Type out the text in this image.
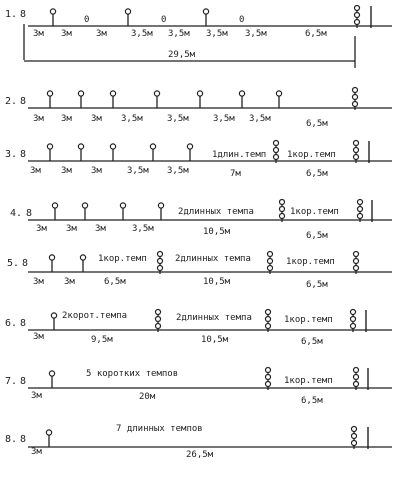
1. 8	0	0	0
3м 3м	3м	3,5м 3,5м 3,5м 3,5м	6,5м
29,5м
2. 8
3м 3м 3м 3,5м	3,5м	3,5м 3,5м	6,5м
3. 8	1длин.темп 1кор.темп
3м 3м 3м	3,5м 3,5м	7м	6,5м
4. 8	2длинных темпа	1кор.темп
3м 3м 3м	3,5м	10,5м	6,5м
5. 8	1кор.темп	2длинных темпа	1кор.темп
3м 3м	6,5м	10,5м	6,5м
6. 8
2корот.темпа	2длинных темпа	1кор.темп
3м	9,5м	10,5м	6,5м
7. 8
5 коротких темпов
1кор.темп
3м	20м	6,5м
8. 8
7 длинных темпов
3м	26,5м
